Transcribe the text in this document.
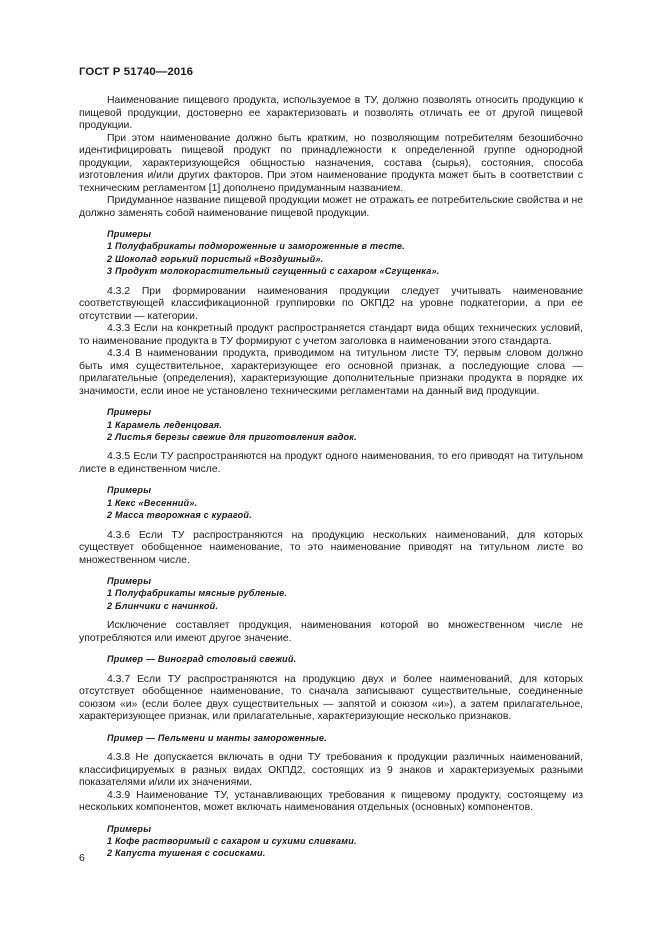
ГОСТ Р 51740—2016

Наименование пищевого продукта, используемое в ТУ, должно позволять относить продукцию к пищевой продукции, достоверно ее характеризовать и позволять отличать ее от другой пищевой продукции.

При этом наименование должно быть кратким, но позволяющим потребителям безошибочно идентифицировать пищевой продукт по принадлежности к определенной группе однородной продукции, характеризующейся общностью назначения, состава (сырья), состояния, способа изготовления и/или других факторов. При этом наименование продукта может быть в соответствии с техническим регламентом [1] дополнено придуманным названием.

Придуманное название пищевой продукции может не отражать ее потребительские свойства и не должно заменять собой наименование пищевой продукции.

Примеры

1 Полуфабрикаты подмороженные и замороженные в тесте.

2 Шоколад горький пористый «Воздушный».

3 Продукт молокорастительный сгущенный с сахаром «Сгущенка».

4.3.2 При формировании наименования продукции следует учитывать наименование соответствующей классификационной группировки по ОКПД2 на уровне подкатегории, а при ее отсутствии — категории.

4.3.3 Если на конкретный продукт распространяется стандарт вида общих технических условий, то наименование продукта в ТУ формируют с учетом заголовка в наименовании этого стандарта.

4.3.4 В наименовании продукта, приводимом на титульном листе ТУ, первым словом должно быть имя существительное, характеризующее его основной признак, а последующие слова — прилагательные (определения), характеризующие дополнительные признаки продукта в порядке их значимости, если иное не установлено техническими регламентами на данный вид продукции.

Примеры

1 Карамель леденцовая.

2 Листья березы свежие для приготовления вадок.

4.3.5 Если ТУ распространяются на продукт одного наименования, то его приводят на титульном листе в единственном числе.

Примеры

1 Кекс «Весенний».

2 Масса творожная с курагой.

4.3.6 Если ТУ распространяются на продукцию нескольких наименований, для которых существует обобщенное наименование, то это наименование приводят на титульном листе во множественном числе.

Примеры

1 Полуфабрикаты мясные рубленые.

2 Блинчики с начинкой.

Исключение составляет продукция, наименования которой во множественном числе не употребляются или имеют другое значение.

Пример — Виноград столовый свежий.

4.3.7 Если ТУ распространяются на продукцию двух и более наименований, для которых отсутствует обобщенное наименование, то сначала записывают существительные, соединенные союзом «и» (если более двух существительных — запятой и союзом «и»), а затем прилагательное, характеризующее признак, или прилагательные, характеризующие несколько признаков.

Пример — Пельмени и манты замороженные.

4.3.8 Не допускается включать в одни ТУ требования к продукции различных наименований, классифицируемых в разных видах ОКПД2, состоящих из 9 знаков и характеризуемых разными показателями и/или их значениями.

4.3.9 Наименование ТУ, устанавливающих требования к пищевому продукту, состоящему из нескольких компонентов, может включать наименования отдельных (основных) компонентов.

Примеры

1 Кофе растворимый с сахаром и сухими сливками.

2 Капуста тушеная с сосисками.

6
